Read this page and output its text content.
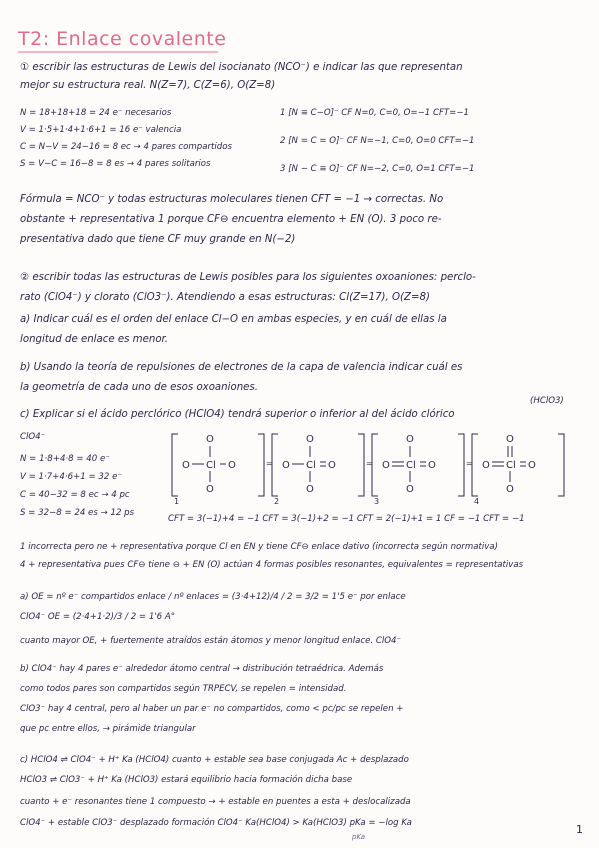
T2: Enlace covalente
① escribir las estructuras de Lewis del isocianato (NCO⁻) e indicar las que representan
mejor su estructura real. N(Z=7), C(Z=6), O(Z=8)
N = 18+18+18 = 24 e⁻ necesarios
V = 1·5+1·4+1·6+1 = 16 e⁻ valencia
C = N−V = 24−16 = 8 ec → 4 pares compartidos
S = V−C = 16−8 = 8 es → 4 pares solitarios
1 [N ≡ C−O]⁻ CF N=0, C=0, O=−1 CFT=−1
2 [N = C = O]⁻ CF N=−1, C=0, O=0 CFT=−1
3 [N − C ≡ O]⁻ CF N=−2, C=0, O=1 CFT=−1
Fórmula = NCO⁻ y todas estructuras moleculares tienen CFT = −1 → correctas. No
obstante + representativa 1 porque CF⊖ encuentra elemento + EN (O). 3 poco re-
presentativa dado que tiene CF muy grande en N(−2)
② escribir todas las estructuras de Lewis posibles para los siguientes oxoaniones: perclo-
rato (ClO4⁻) y clorato (ClO3⁻). Atendiendo a esas estructuras: Cl(Z=17), O(Z=8)
a) Indicar cuál es el orden del enlace Cl−O en ambas especies, y en cuál de ellas la
longitud de enlace es menor.
b) Usando la teoría de repulsiones de electrones de la capa de valencia indicar cuál es
la geometría de cada uno de esos oxoaniones.
c) Explicar si el ácido perclórico (HClO4) tendrá superior o inferior al del ácido clórico
(HClO3)
ClO4⁻
N = 1·8+4·8 = 40 e⁻
V = 1·7+4·6+1 = 32 e⁻
C = 40−32 = 8 ec → 4 pc
S = 32−8 = 24 es → 12 ps
O
O
O	O
Cl
O
O
O	O
Cl
O
O
O	O
Cl
O
O
O	O
Cl
=	=	=
1	2	3	4
CFT = 3(−1)+4 = −1 CFT = 3(−1)+2 = −1 CFT = 2(−1)+1 = 1 CF = −1 CFT = −1
1 incorrecta pero ne + representativa porque Cl en EN y tiene CF⊖ enlace dativo (incorrecta según normativa)
4 + representativa pues CF⊖ tiene ⊖ + EN (O) actúan 4 formas posibles resonantes, equivalentes = representativas
a) OE = nº e⁻ compartidos enlace / nº enlaces = (3·4+12)/4 / 2 = 3/2 = 1'5 e⁻ por enlace
ClO4⁻ OE = (2·4+1·2)/3 / 2 = 1'6 A°
cuanto mayor OE, + fuertemente atraídos están átomos y menor longitud enlace. ClO4⁻
b) ClO4⁻ hay 4 pares e⁻ alrededor átomo central → distribución tetraédrica. Además
como todos pares son compartidos según TRPECV, se repelen = intensidad.
ClO3⁻ hay 4 central, pero al haber un par e⁻ no compartidos, como < pc/pc se repelen +
que pc entre ellos, → pirámide triangular
c) HClO4 ⇌ ClO4⁻ + H⁺ Ka (HClO4) cuanto + estable sea base conjugada Ac + desplazado
HClO3 ⇌ ClO3⁻ + H⁺ Ka (HClO3) estará equilibrio hacia formación dicha base
cuanto + e⁻ resonantes tiene 1 compuesto → + estable en puentes a esta + deslocalizada
ClO4⁻ + estable ClO3⁻ desplazado formación ClO4⁻ Ka(HClO4) > Ka(HClO3) pKa = −log Ka
pKa
1
